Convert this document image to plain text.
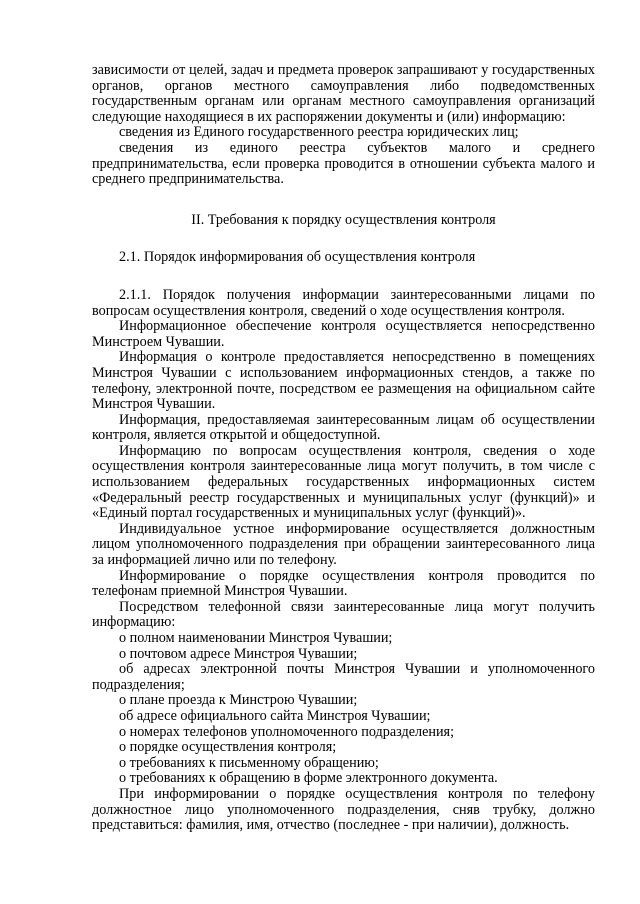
зависимости от целей, задач и предмета проверок запрашивают у государственных органов, органов местного самоуправления либо подведомственных государственным органам или органам местного самоуправления организаций следующие находящиеся в их распоряжении документы и (или) информацию:

сведения из Единого государственного реестра юридических лиц;

сведения из единого реестра субъектов малого и среднего предпринимательства, если проверка проводится в отношении субъекта малого и среднего предпринимательства.

II. Требования к порядку осуществления контроля

2.1. Порядок информирования об осуществления контроля

2.1.1. Порядок получения информации заинтересованными лицами по вопросам осуществления контроля, сведений о ходе осуществления контроля.

Информационное обеспечение контроля осуществляется непосредственно Минстроем Чувашии.

Информация о контроле предоставляется непосредственно в помещениях Минстроя Чувашии с использованием информационных стендов, а также по телефону, электронной почте, посредством ее размещения на официальном сайте Минстроя Чувашии.

Информация, предоставляемая заинтересованным лицам об осуществлении контроля, является открытой и общедоступной.

Информацию по вопросам осуществления контроля, сведения о ходе осуществления контроля заинтересованные лица могут получить, в том числе с использованием федеральных государственных информационных систем «Федеральный реестр государственных и муниципальных услуг (функций)» и «Единый портал государственных и муниципальных услуг (функций)».

Индивидуальное устное информирование осуществляется должностным лицом уполномоченного подразделения при обращении заинтересованного лица за информацией лично или по телефону.

Информирование о порядке осуществления контроля проводится по телефонам приемной Минстроя Чувашии.

Посредством телефонной связи заинтересованные лица могут получить информацию:

о полном наименовании Минстроя Чувашии;

о почтовом адресе Минстроя Чувашии;

об адресах электронной почты Минстроя Чувашии и уполномоченного подразделения;

о плане проезда к Минстрою Чувашии;

об адресе официального сайта Минстроя Чувашии;

о номерах телефонов уполномоченного подразделения;

о порядке осуществления контроля;

о требованиях к письменному обращению;

о требованиях к обращению в форме электронного документа.

При информировании о порядке осуществления контроля по телефону должностное лицо уполномоченного подразделения, сняв трубку, должно представиться: фамилия, имя, отчество (последнее - при наличии), должность.
